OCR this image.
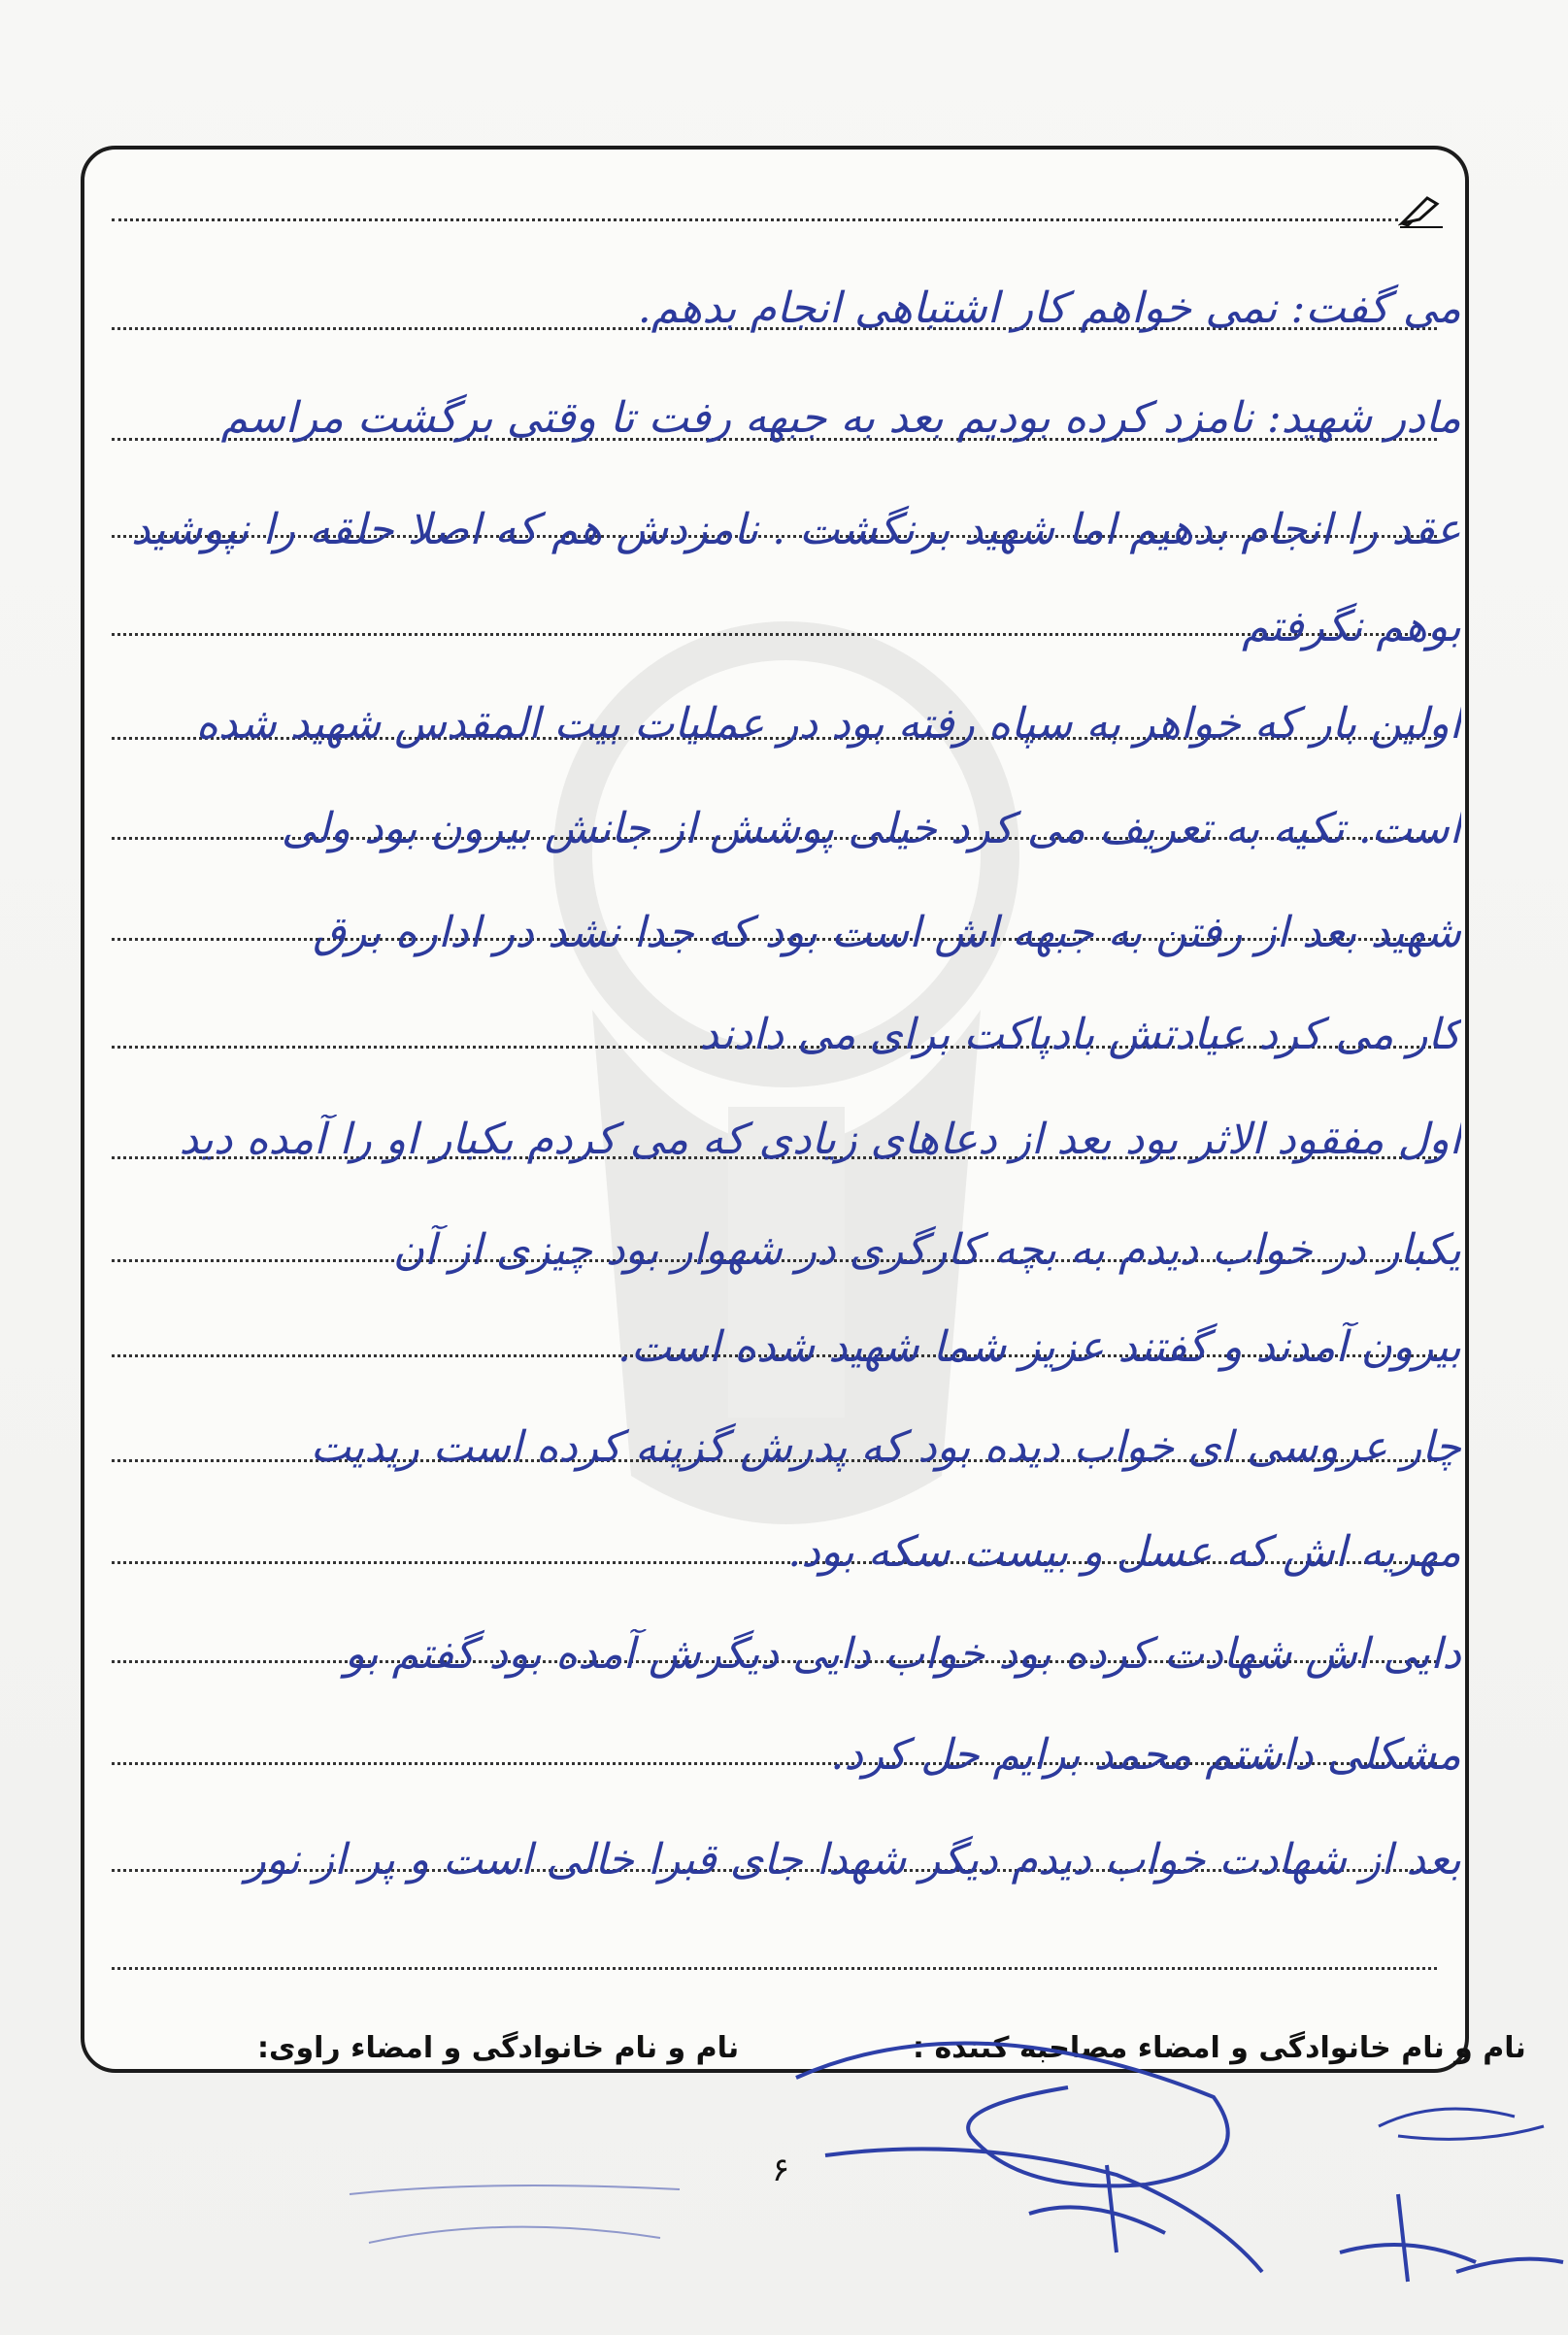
می گفت: نمی خواهم کار اشتباهی انجام بدهم.
مادر شهید: نامزد کرده بودیم بعد به جبهه رفت تا وقتی برگشت مراسم
عقد را انجام بدهیم اما شهید برنگشت . نامزدش هم که اصلا حلقه را نپوشید
بوهم نگرفتم
اولین بار که خواهر به سپاه رفته بود در عملیات بیت المقدس شهید شده
است. تکیه به تعریف می کرد خیلی پوشش از جانش بیرون بود ولی
شهید بعد از رفتن به جبهه اش است بود که جدا نشد در اداره برق
کار می کرد عیادتش بادپاکت برای می دادند
اول مفقود الاثر بود بعد از دعاهای زیادی که می کردم یکبار او را آمده دید
یکبار در خواب دیدم به بچه کارگری در شهوار بود چیزی از آن
بیرون آمدند و گفتند عزیز شما شهید شده است.
چار عروسی ای خواب دیده بود که پدرش گزینه کرده است ریدیت
مهریه اش که عسل و بیست سکه بود.
دایی اش شهادت کرده بود خواب دایی دیگرش آمده بود گفتم بو
مشکلی داشتم محمد برایم حل کرد.
بعد از شهادت خواب دیدم دیگر شهدا جای قبرا خالی است و پر از نور
نام و نام خانوادگی و امضاء مصاحبه کننده :
نام و نام خانوادگی و امضاء راوی:
۶
